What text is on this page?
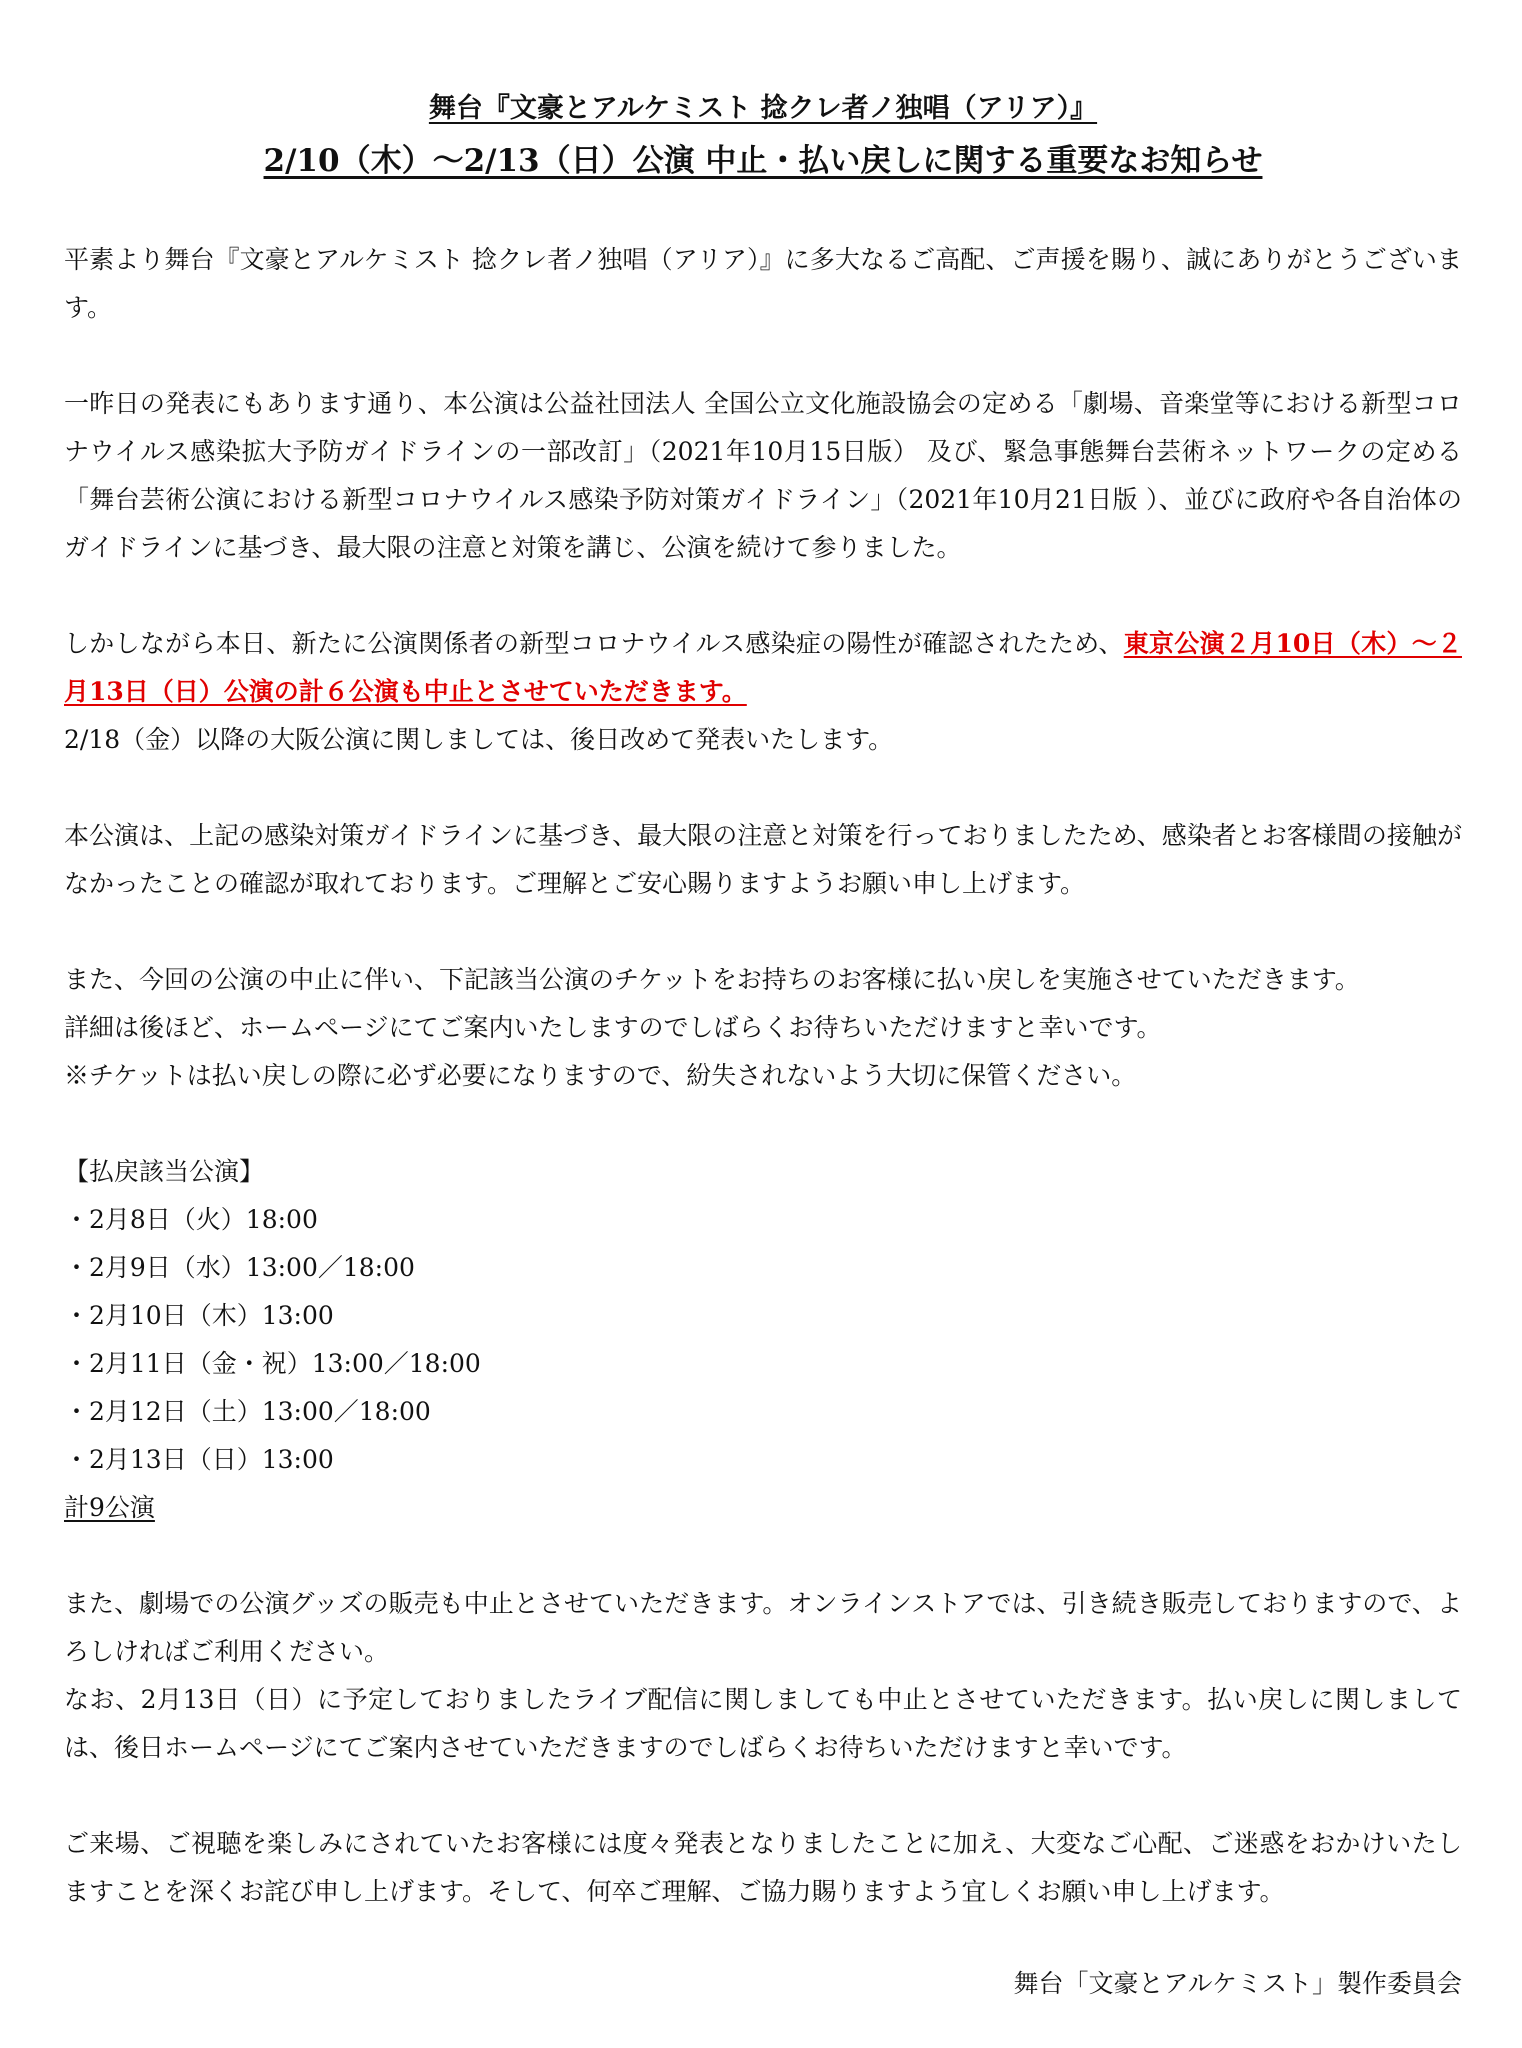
舞台『文豪とアルケミスト 捻クレ者ノ独唱（アリア）』

2/10（木）～2/13（日）公演 中止・払い戻しに関する重要なお知らせ

平素より舞台『文豪とアルケミスト 捻クレ者ノ独唱（アリア）』に多大なるご高配、ご声援を賜り、誠にありがとうございます。

一昨日の発表にもあります通り、本公演は公益社団法人 全国公立文化施設協会の定める「劇場、音楽堂等における新型コロナウイルス感染拡大予防ガイドラインの一部改訂」（2021年10月15日版） 及び、緊急事態舞台芸術ネットワークの定める「舞台芸術公演における新型コロナウイルス感染予防対策ガイドライン」（2021年10月21日版 ）、並びに政府や各自治体のガイドラインに基づき、最大限の注意と対策を講じ、公演を続けて参りました。

しかしながら本日、新たに公演関係者の新型コロナウイルス感染症の陽性が確認されたため、東京公演２月10日（木）～２月13日（日）公演の計６公演も中止とさせていただきます。

2/18（金）以降の大阪公演に関しましては、後日改めて発表いたします。

本公演は、上記の感染対策ガイドラインに基づき、最大限の注意と対策を行っておりましたため、感染者とお客様間の接触がなかったことの確認が取れております。ご理解とご安心賜りますようお願い申し上げます。

また、今回の公演の中止に伴い、下記該当公演のチケットをお持ちのお客様に払い戻しを実施させていただきます。

詳細は後ほど、ホームページにてご案内いたしますのでしばらくお待ちいただけますと幸いです。

※チケットは払い戻しの際に必ず必要になりますので、紛失されないよう大切に保管ください。

【払戻該当公演】

・2月8日（火）18:00
・2月9日（水）13:00／18:00
・2月10日（木）13:00
・2月11日（金・祝）13:00／18:00
・2月12日（土）13:00／18:00
・2月13日（日）13:00

計9公演

また、劇場での公演グッズの販売も中止とさせていただきます。オンラインストアでは、引き続き販売しておりますので、よろしければご利用ください。

なお、2月13日（日）に予定しておりましたライブ配信に関しましても中止とさせていただきます。払い戻しに関しましては、後日ホームページにてご案内させていただきますのでしばらくお待ちいただけますと幸いです。

ご来場、ご視聴を楽しみにされていたお客様には度々発表となりましたことに加え、大変なご心配、ご迷惑をおかけいたしますことを深くお詫び申し上げます。そして、何卒ご理解、ご協力賜りますよう宜しくお願い申し上げます。

舞台「文豪とアルケミスト」製作委員会
